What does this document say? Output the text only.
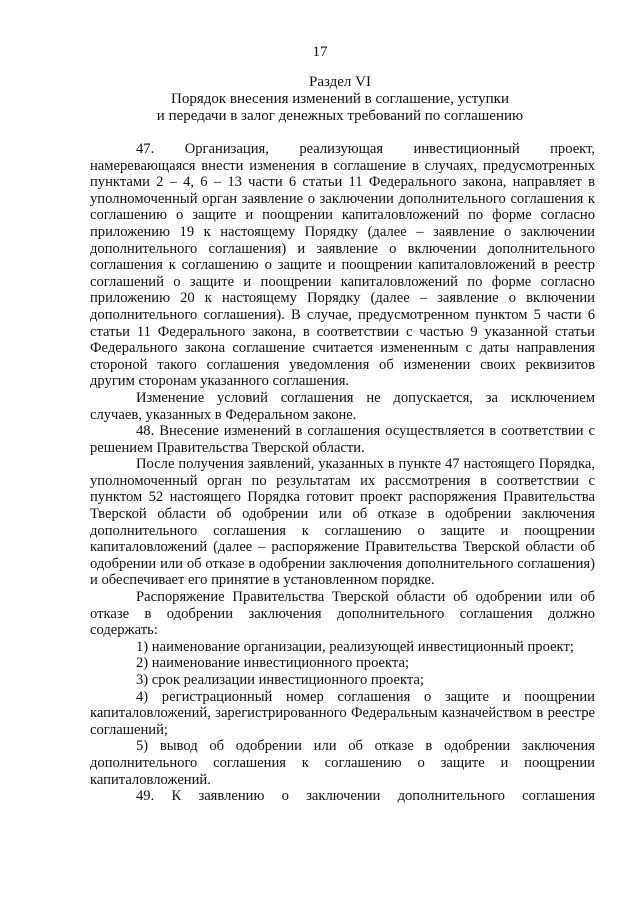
17
Раздел VI
Порядок внесения изменений в соглашение, уступки
и передачи в залог денежных требований по соглашению

47. Организация, реализующая инвестиционный проект, намеревающаяся внести изменения в соглашение в случаях, предусмотренных пунктами 2 – 4, 6 – 13 части 6 статьи 11 Федерального закона, направляет в уполномоченный орган заявление о заключении дополнительного соглашения к соглашению о защите и поощрении капиталовложений по форме согласно приложению 19 к настоящему Порядку (далее – заявление о заключении дополнительного соглашения) и заявление о включении дополнительного соглашения к соглашению о защите и поощрении капиталовложений в реестр соглашений о защите и поощрении капиталовложений по форме согласно приложению 20 к настоящему Порядку (далее – заявление о включении дополнительного соглашения). В случае, предусмотренном пунктом 5 части 6 статьи 11 Федерального закона, в соответствии с частью 9 указанной статьи Федерального закона соглашение считается измененным с даты направления стороной такого соглашения уведомления об изменении своих реквизитов другим сторонам указанного соглашения.

Изменение условий соглашения не допускается, за исключением случаев, указанных в Федеральном законе.

48. Внесение изменений в соглашения осуществляется в соответствии с решением Правительства Тверской области.

После получения заявлений, указанных в пункте 47 настоящего Порядка, уполномоченный орган по результатам их рассмотрения в соответствии с пунктом 52 настоящего Порядка готовит проект распоряжения Правительства Тверской области об одобрении или об отказе в одобрении заключения дополнительного соглашения к соглашению о защите и поощрении капиталовложений (далее – распоряжение Правительства Тверской области об одобрении или об отказе в одобрении заключения дополнительного соглашения) и обеспечивает его принятие в установленном порядке.

Распоряжение Правительства Тверской области об одобрении или об отказе в одобрении заключения дополнительного соглашения должно содержать:

1) наименование организации, реализующей инвестиционный проект;

2) наименование инвестиционного проекта;

3) срок реализации инвестиционного проекта;

4) регистрационный номер соглашения о защите и поощрении капиталовложений, зарегистрированного Федеральным казначейством в реестре соглашений;

5) вывод об одобрении или об отказе в одобрении заключения дополнительного соглашения к соглашению о защите и поощрении капиталовложений.

49. К заявлению о заключении дополнительного соглашения
